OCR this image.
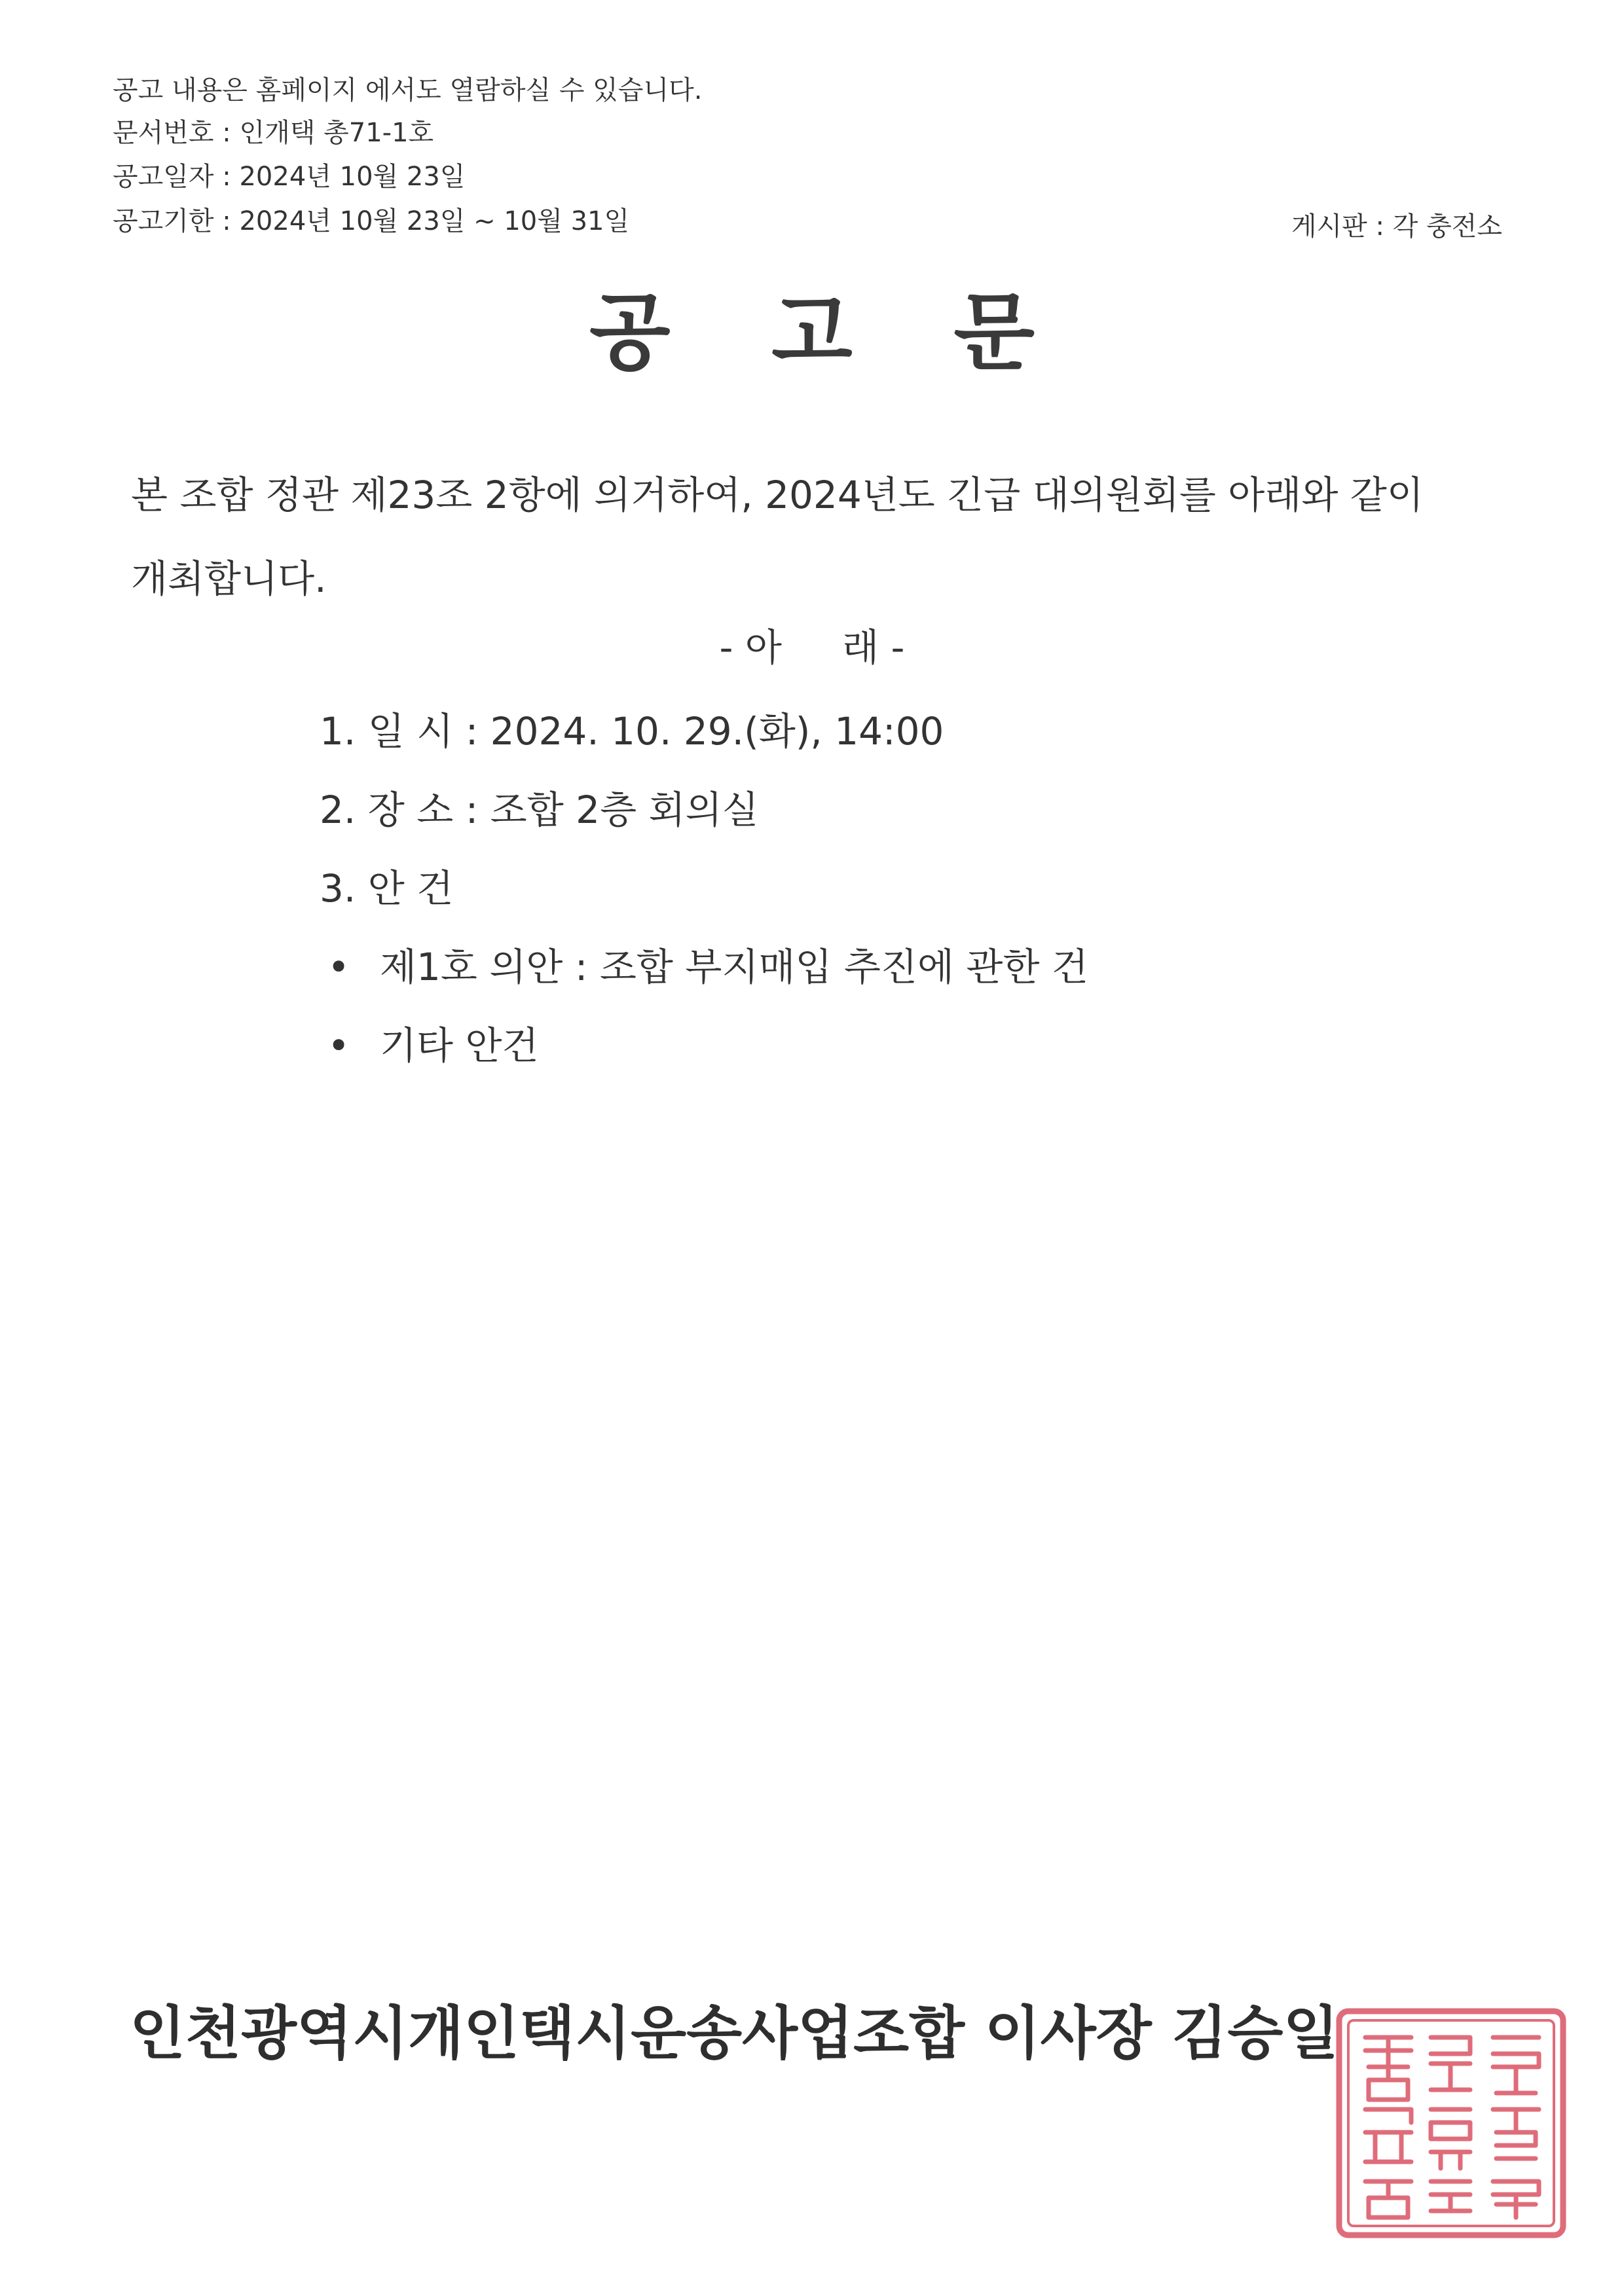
공고 내용은 홈페이지 에서도 열람하실 수 있습니다.
문서번호 : 인개택 총71-1호
공고일자 : 2024년 10월 23일
공고기한 : 2024년 10월 23일 ~ 10월 31일	게시판 : 각 충전소
공 고 문
본 조합 정관 제23조 2항에 의거하여, 2024년도 긴급 대의원회를 아래와 같이 개최합니다.
- 아     래 -
1. 일 시 : 2024. 10. 29.(화), 14:00
2. 장 소 : 조합 2층 회의실
3. 안 건
• 제1호 의안 : 조합 부지매입 추진에 관한 건
• 기타 안건
인천광역시개인택시운송사업조합 이사장 김승일
